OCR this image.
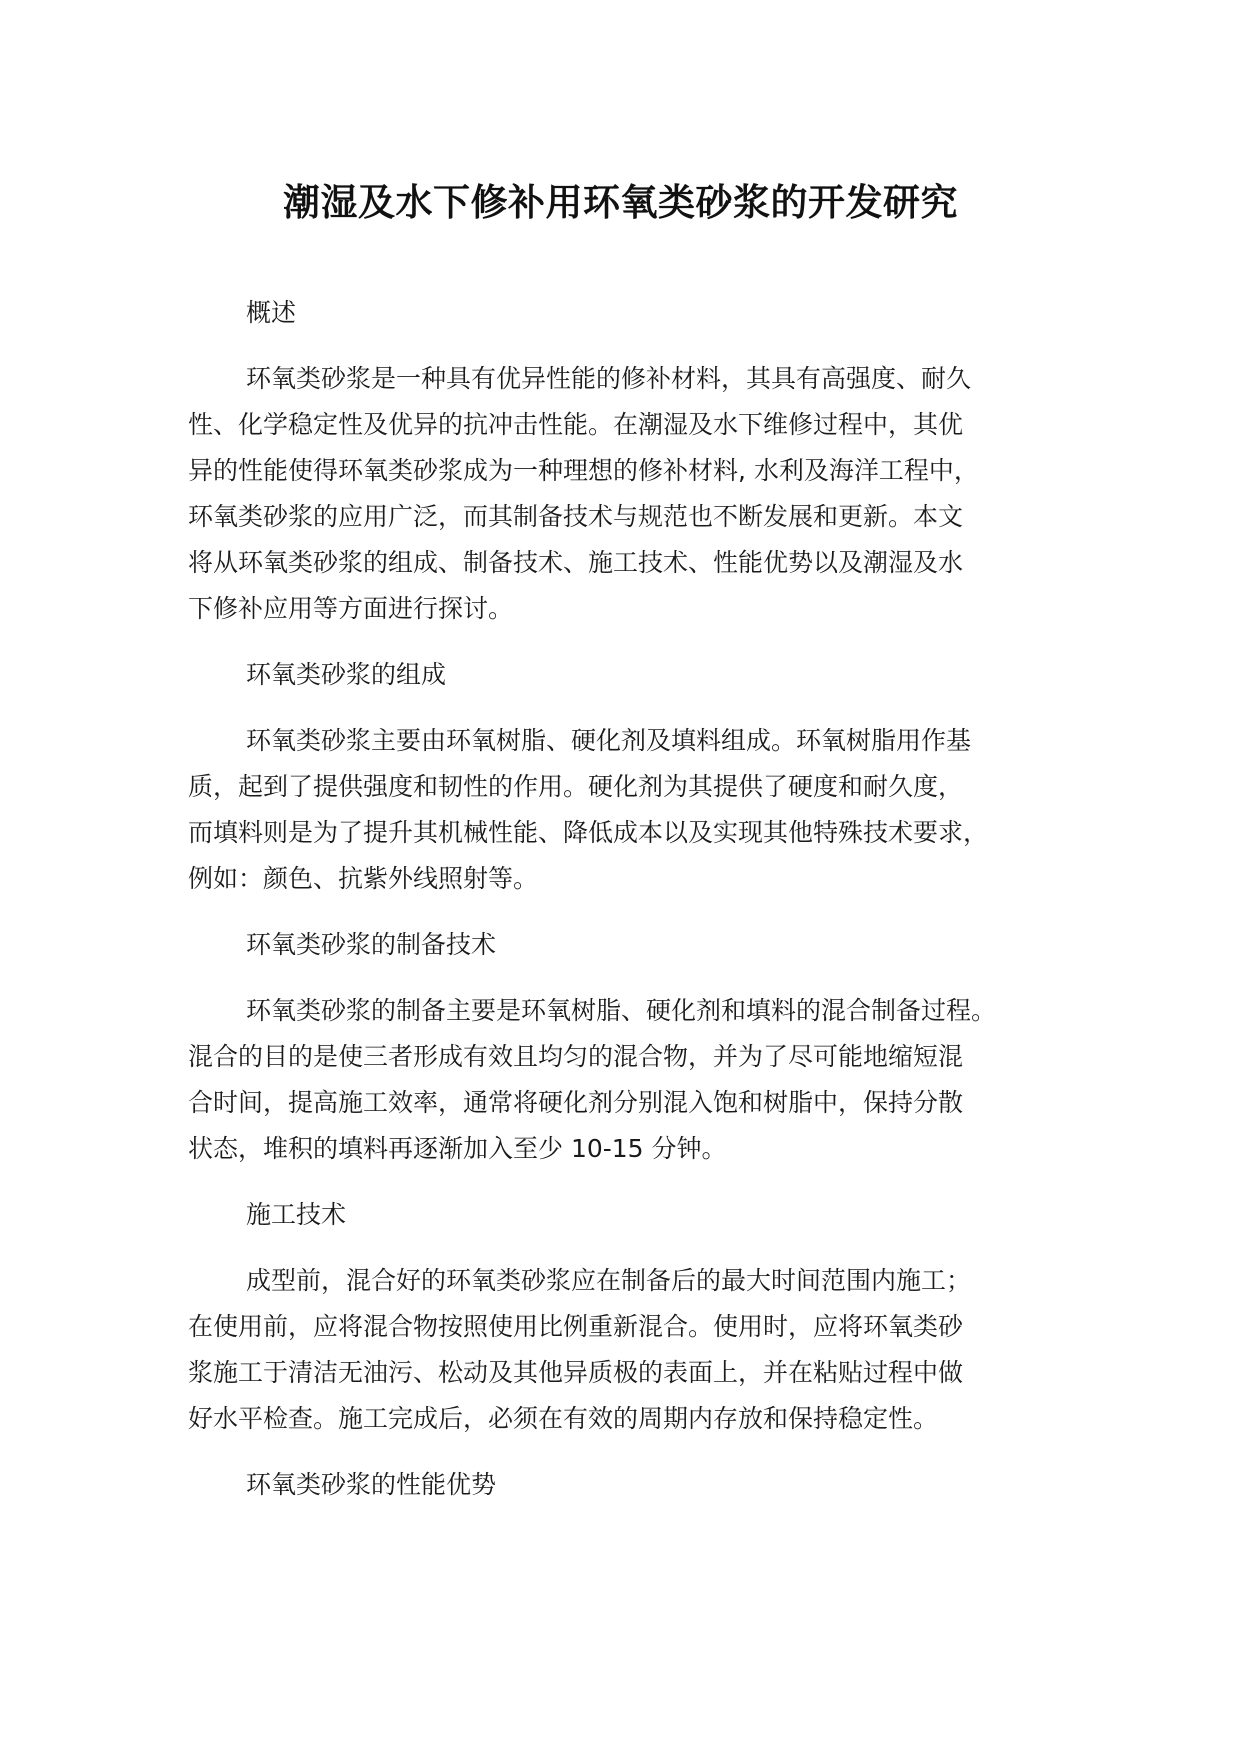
潮湿及水下修补用环氧类砂浆的开发研究
概述
环氧类砂浆是一种具有优异性能的修补材料，其具有高强度、耐久
性、化学稳定性及优异的抗冲击性能。在潮湿及水下维修过程中，其优
异的性能使得环氧类砂浆成为一种理想的修补材料, 水利及海洋工程中，
环氧类砂浆的应用广泛，而其制备技术与规范也不断发展和更新。本文
将从环氧类砂浆的组成、制备技术、施工技术、性能优势以及潮湿及水
下修补应用等方面进行探讨。
环氧类砂浆的组成
环氧类砂浆主要由环氧树脂、硬化剂及填料组成。环氧树脂用作基
质，起到了提供强度和韧性的作用。硬化剂为其提供了硬度和耐久度，
而填料则是为了提升其机械性能、降低成本以及实现其他特殊技术要求，
例如：颜色、抗紫外线照射等。
环氧类砂浆的制备技术
环氧类砂浆的制备主要是环氧树脂、硬化剂和填料的混合制备过程。
混合的目的是使三者形成有效且均匀的混合物，并为了尽可能地缩短混
合时间，提高施工效率，通常将硬化剂分别混入饱和树脂中，保持分散
状态，堆积的填料再逐渐加入至少 10-15 分钟。
施工技术
成型前，混合好的环氧类砂浆应在制备后的最大时间范围内施工；
在使用前，应将混合物按照使用比例重新混合。使用时，应将环氧类砂
浆施工于清洁无油污、松动及其他异质极的表面上，并在粘贴过程中做
好水平检查。施工完成后，必须在有效的周期内存放和保持稳定性。
环氧类砂浆的性能优势
